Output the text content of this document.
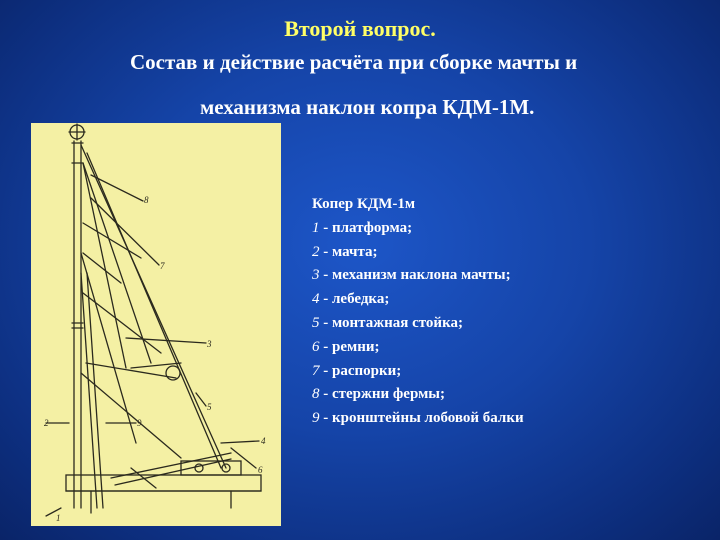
Второй вопрос.
Состав и действие расчёта при сборке мачты и
механизма наклон копра КДМ-1М.
1
2
3
4
5
6
7
8
9
Копер КДМ-1м
1 - платформа;
2 - мачта;
3 - механизм наклона мачты;
4 - лебедка;
5 - монтажная стойка;
6 - ремни;
7 - распорки;
8 - стержни фермы;
9 - кронштейны лобовой балки
